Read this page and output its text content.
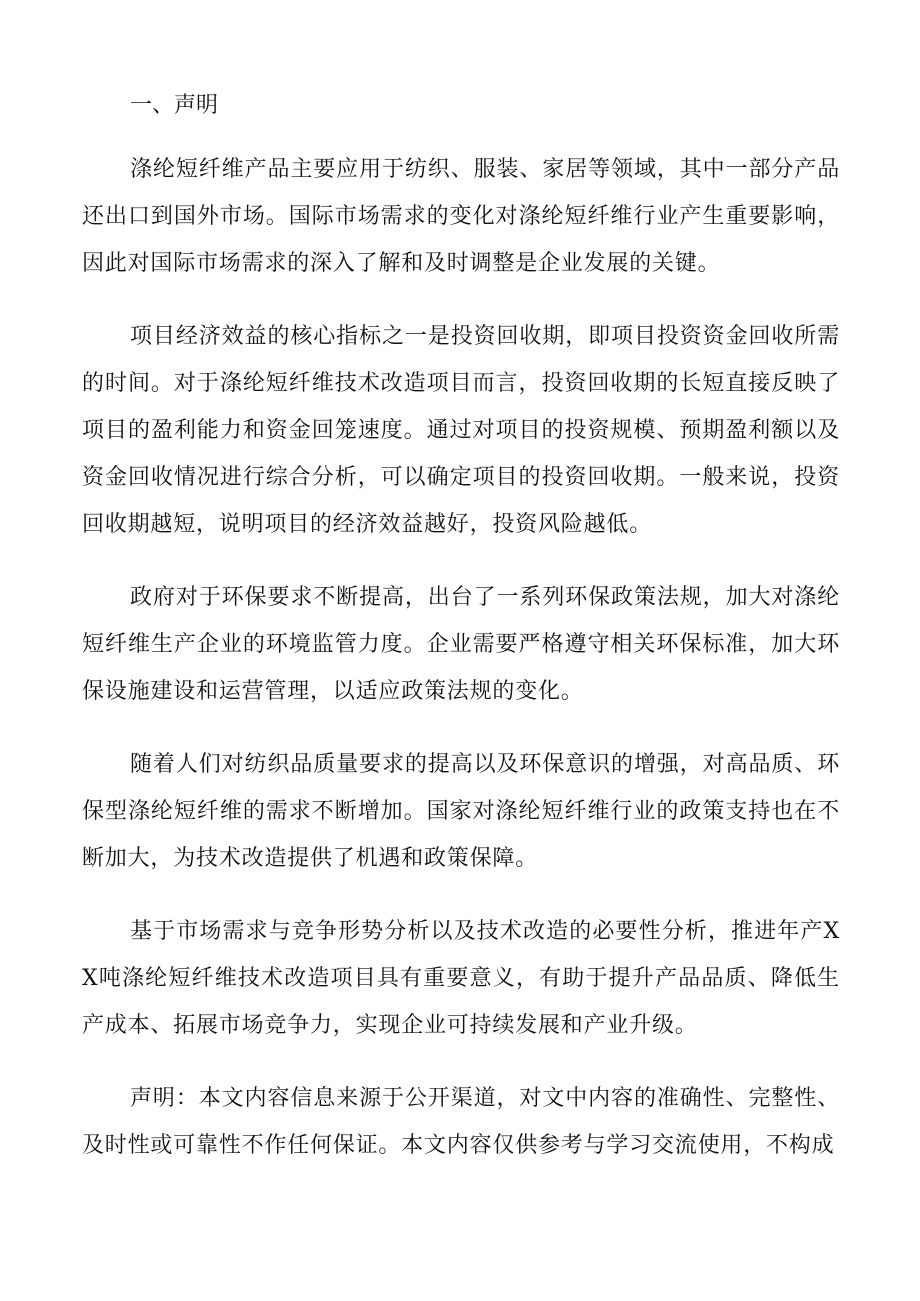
一、声明

涤纶短纤维产品主要应用于纺织、服装、家居等领域，其中一部分产品还出口到国外市场。国际市场需求的变化对涤纶短纤维行业产生重要影响，因此对国际市场需求的深入了解和及时调整是企业发展的关键。

项目经济效益的核心指标之一是投资回收期，即项目投资资金回收所需的时间。对于涤纶短纤维技术改造项目而言，投资回收期的长短直接反映了项目的盈利能力和资金回笼速度。通过对项目的投资规模、预期盈利额以及资金回收情况进行综合分析，可以确定项目的投资回收期。一般来说，投资回收期越短，说明项目的经济效益越好，投资风险越低。

政府对于环保要求不断提高，出台了一系列环保政策法规，加大对涤纶短纤维生产企业的环境监管力度。企业需要严格遵守相关环保标准，加大环保设施建设和运营管理，以适应政策法规的变化。

随着人们对纺织品质量要求的提高以及环保意识的增强，对高品质、环保型涤纶短纤维的需求不断增加。国家对涤纶短纤维行业的政策支持也在不断加大，为技术改造提供了机遇和政策保障。

基于市场需求与竞争形势分析以及技术改造的必要性分析，推进年产XX吨涤纶短纤维技术改造项目具有重要意义，有助于提升产品品质、降低生产成本、拓展市场竞争力，实现企业可持续发展和产业升级。

声明：本文内容信息来源于公开渠道，对文中内容的准确性、完整性、及时性或可靠性不作任何保证。本文内容仅供参考与学习交流使用，不构成
